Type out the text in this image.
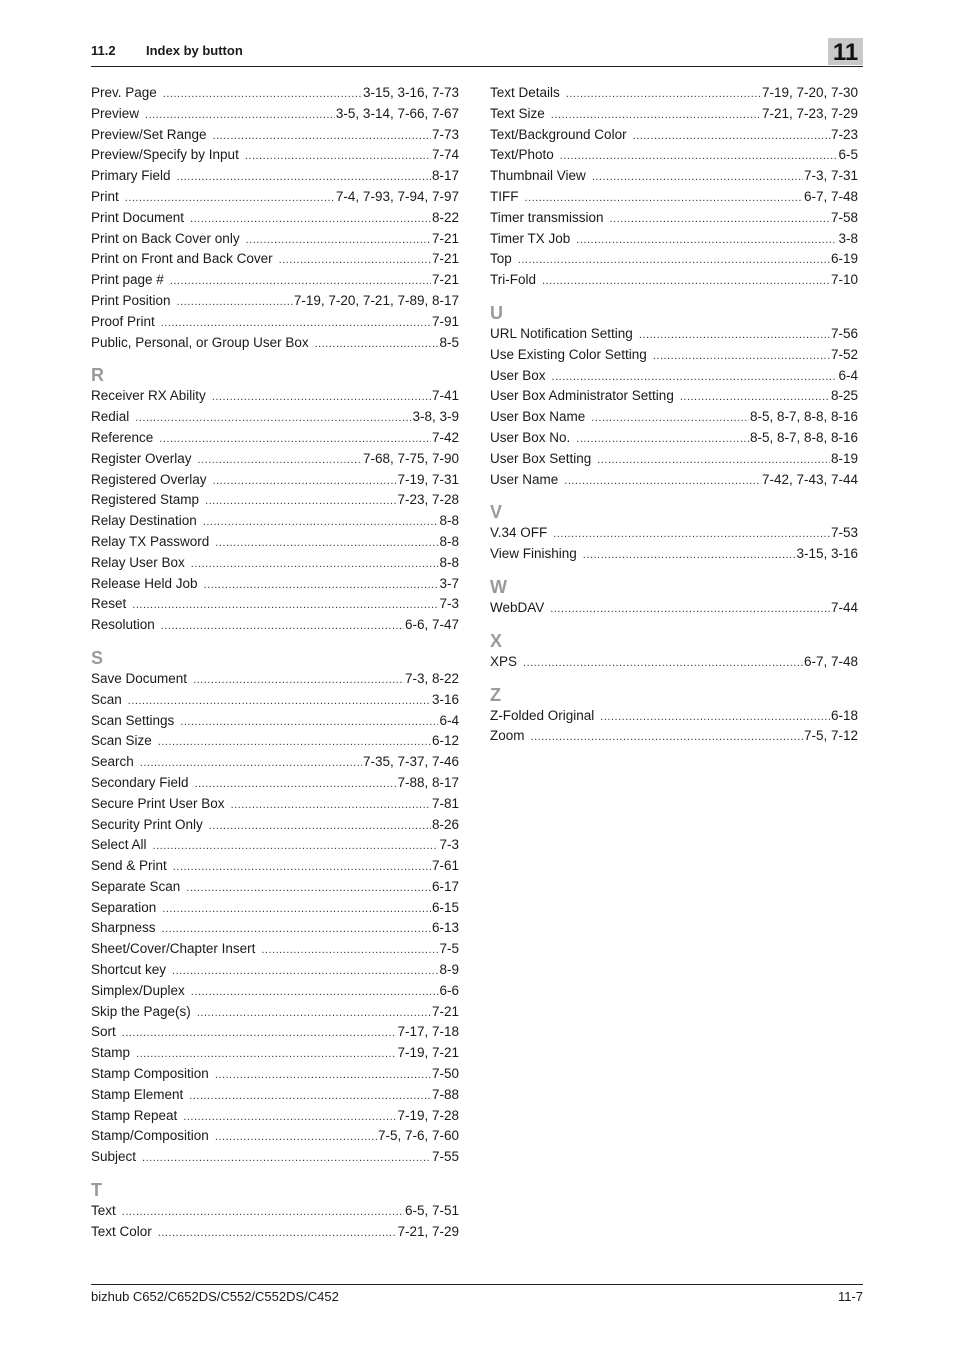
11.2 Index by button	11
Prev. Page .....	3-15, 3-16, 7-73
Preview .....	3-5, 3-14, 7-66, 7-67
Preview/Set Range .....	7-73
Preview/Specify by Input .....	7-74
Primary Field .....	8-17
Print .....	7-4, 7-93, 7-94, 7-97
Print Document .....	8-22
Print on Back Cover only .....	7-21
Print on Front and Back Cover .....	7-21
Print page # .....	7-21
Print Position .....	7-19, 7-20, 7-21, 7-89, 8-17
Proof Print .....	7-91
Public, Personal, or Group User Box .....	8-5
R
Receiver RX Ability .....	7-41
Redial .....	3-8, 3-9
Reference .....	7-42
Register Overlay .....	7-68, 7-75, 7-90
Registered Overlay .....	7-19, 7-31
Registered Stamp .....	7-23, 7-28
Relay Destination .....	8-8
Relay TX Password .....	8-8
Relay User Box .....	8-8
Release Held Job .....	3-7
Reset .....	7-3
Resolution .....	6-6, 7-47
S
Save Document .....	7-3, 8-22
Scan .....	3-16
Scan Settings .....	6-4
Scan Size .....	6-12
Search .....	7-35, 7-37, 7-46
Secondary Field .....	7-88, 8-17
Secure Print User Box .....	7-81
Security Print Only .....	8-26
Select All .....	7-3
Send & Print .....	7-61
Separate Scan .....	6-17
Separation .....	6-15
Sharpness .....	6-13
Sheet/Cover/Chapter Insert .....	7-5
Shortcut key .....	8-9
Simplex/Duplex .....	6-6
Skip the Page(s) .....	7-21
Sort .....	7-17, 7-18
Stamp .....	7-19, 7-21
Stamp Composition .....	7-50
Stamp Element .....	7-88
Stamp Repeat .....	7-19, 7-28
Stamp/Composition .....	7-5, 7-6, 7-60
Subject .....	7-55
T
Text .....	6-5, 7-51
Text Color .....	7-21, 7-29
Text Details .....	7-19, 7-20, 7-30
Text Size .....	7-21, 7-23, 7-29
Text/Background Color .....	7-23
Text/Photo .....	6-5
Thumbnail View .....	7-3, 7-31
TIFF .....	6-7, 7-48
Timer transmission .....	7-58
Timer TX Job .....	3-8
Top .....	6-19
Tri-Fold .....	7-10
U
URL Notification Setting .....	7-56
Use Existing Color Setting .....	7-52
User Box .....	6-4
User Box Administrator Setting .....	8-25
User Box Name .....	8-5, 8-7, 8-8, 8-16
User Box No. .....	8-5, 8-7, 8-8, 8-16
User Box Setting .....	8-19
User Name .....	7-42, 7-43, 7-44
V
V.34 OFF .....	7-53
View Finishing .....	3-15, 3-16
W
WebDAV .....	7-44
X
XPS .....	6-7, 7-48
Z
Z-Folded Original .....	6-18
Zoom .....	7-5, 7-12
bizhub C652/C652DS/C552/C552DS/C452	11-7
